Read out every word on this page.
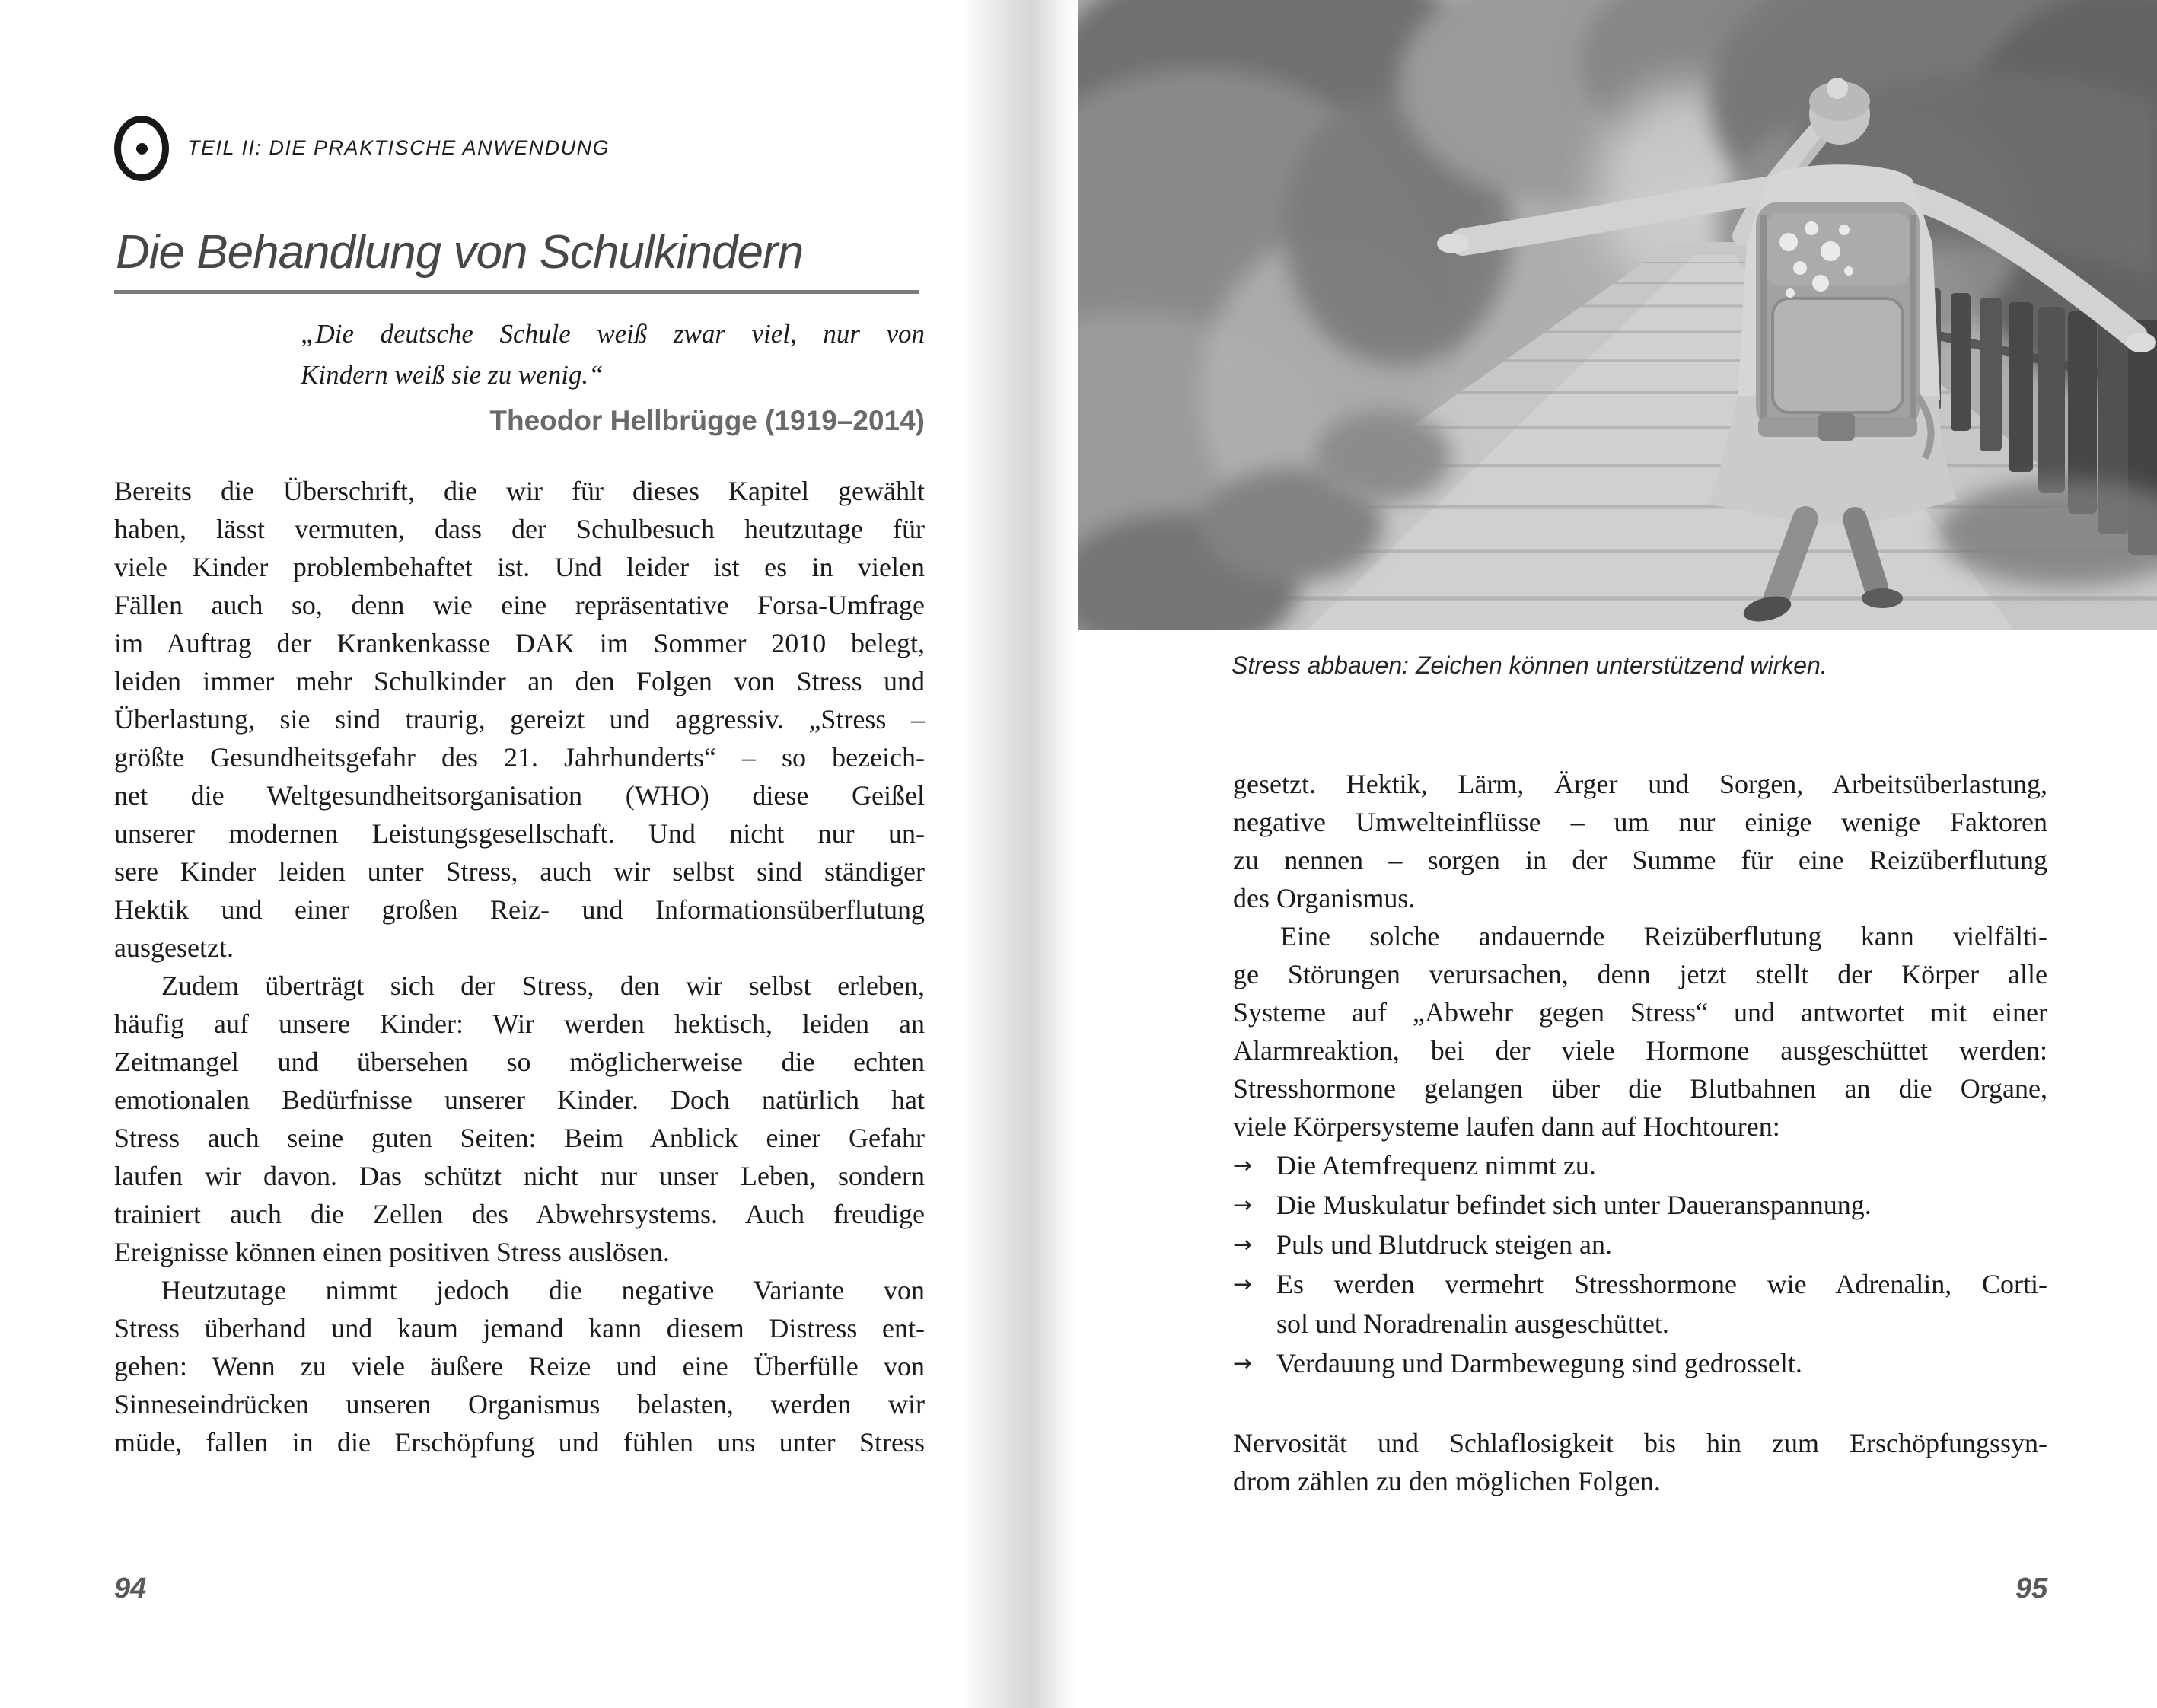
TEIL II: DIE PRAKTISCHE ANWENDUNG
Die Behandlung von Schulkindern
„Die deutsche Schule weiß zwar viel, nur von
Kindern weiß sie zu wenig.“
Theodor Hellbrügge (1919–2014)
Bereits die Überschrift, die wir für dieses Kapitel gewählt
haben, lässt vermuten, dass der Schulbesuch heutzutage für
viele Kinder problembehaftet ist. Und leider ist es in vielen
Fällen auch so, denn wie eine repräsentative Forsa-Umfrage
im Auftrag der Krankenkasse DAK im Sommer 2010 belegt,
leiden immer mehr Schulkinder an den Folgen von Stress und
Überlastung, sie sind traurig, gereizt und aggressiv. „Stress –
größte Gesundheitsgefahr des 21. Jahrhunderts“ – so bezeich-
net die Weltgesundheitsorganisation (WHO) diese Geißel
unserer modernen Leistungsgesellschaft. Und nicht nur un-
sere Kinder leiden unter Stress, auch wir selbst sind ständiger
Hektik und einer großen Reiz- und Informationsüberflutung
ausgesetzt.
Zudem überträgt sich der Stress, den wir selbst erleben,
häufig auf unsere Kinder: Wir werden hektisch, leiden an
Zeitmangel und übersehen so möglicherweise die echten
emotionalen Bedürfnisse unserer Kinder. Doch natürlich hat
Stress auch seine guten Seiten: Beim Anblick einer Gefahr
laufen wir davon. Das schützt nicht nur unser Leben, sondern
trainiert auch die Zellen des Abwehrsystems. Auch freudige
Ereignisse können einen positiven Stress auslösen.
Heutzutage nimmt jedoch die negative Variante von
Stress überhand und kaum jemand kann diesem Distress ent-
gehen: Wenn zu viele äußere Reize und eine Überfülle von
Sinneseindrücken unseren Organismus belasten, werden wir
müde, fallen in die Erschöpfung und fühlen uns unter Stress
94
Stress abbauen: Zeichen können unterstützend wirken.
gesetzt. Hektik, Lärm, Ärger und Sorgen, Arbeitsüberlastung,
negative Umwelteinflüsse – um nur einige wenige Faktoren
zu nennen – sorgen in der Summe für eine Reizüberflutung
des Organismus.
Eine solche andauernde Reizüberflutung kann vielfälti-
ge Störungen verursachen, denn jetzt stellt der Körper alle
Systeme auf „Abwehr gegen Stress“ und antwortet mit einer
Alarmreaktion, bei der viele Hormone ausgeschüttet werden:
Stresshormone gelangen über die Blutbahnen an die Organe,
viele Körpersysteme laufen dann auf Hochtouren:
→ Die Atemfrequenz nimmt zu.
→ Die Muskulatur befindet sich unter Daueranspannung.
→ Puls und Blutdruck steigen an.
→ Es werden vermehrt Stresshormone wie Adrenalin, Corti-
sol und Noradrenalin ausgeschüttet.
→ Verdauung und Darmbewegung sind gedrosselt.
Nervosität und Schlaflosigkeit bis hin zum Erschöpfungssyn-
drom zählen zu den möglichen Folgen.
95
